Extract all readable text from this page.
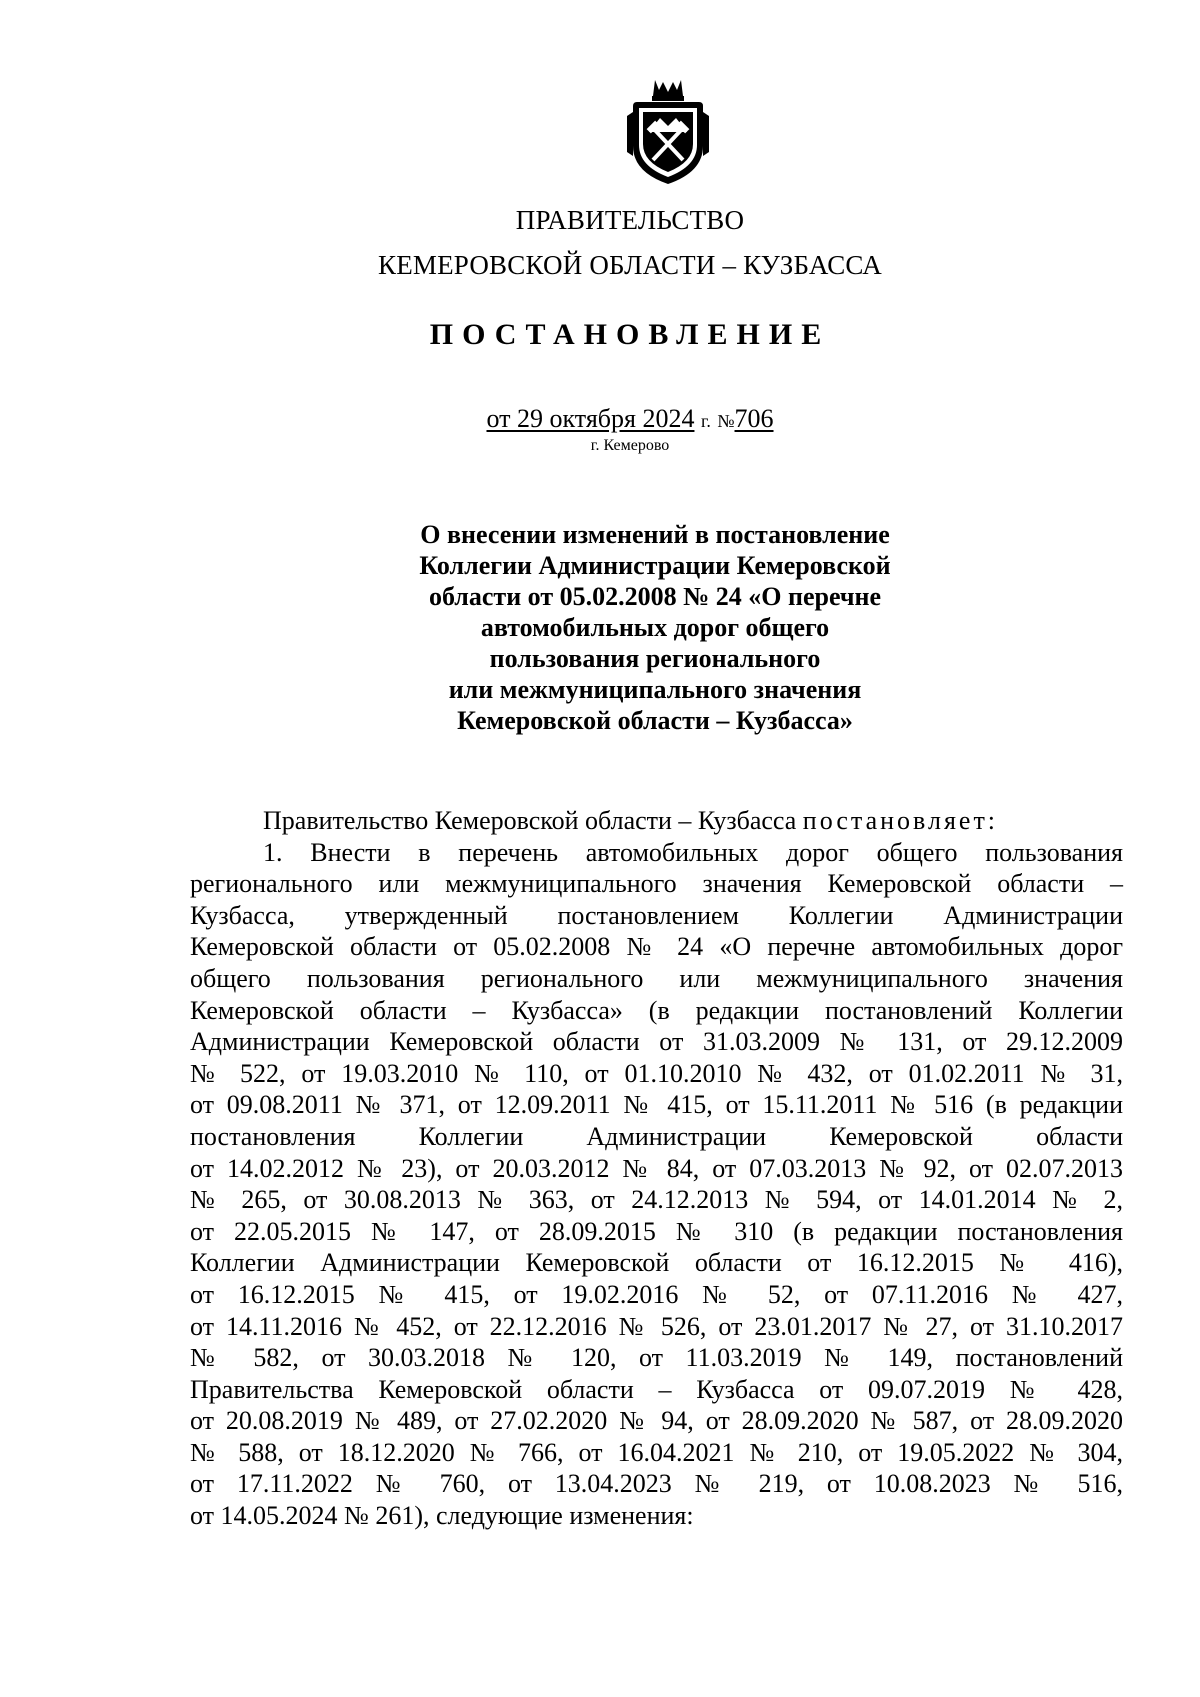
ПРАВИТЕЛЬСТВО
КЕМЕРОВСКОЙ ОБЛАСТИ – КУЗБАССА
ПОСТАНОВЛЕНИЕ
от 29 октября 2024 г. №706
г. Кемерово
О внесении изменений в постановление
Коллегии Администрации Кемеровской
области от 05.02.2008 № 24 «О перечне
автомобильных дорог общего
пользования регионального
или межмуниципального значения
Кемеровской области – Кузбасса»
Правительство Кемеровской области – Кузбасса постановляет:
1. Внести в перечень автомобильных дорог общего пользования
регионального или межмуниципального значения Кемеровской области –
Кузбасса, утвержденный постановлением Коллегии Администрации
Кемеровской области от 05.02.2008 № 24 «О перечне автомобильных дорог
общего пользования регионального или межмуниципального значения
Кемеровской области – Кузбасса» (в редакции постановлений Коллегии
Администрации Кемеровской области от 31.03.2009 № 131, от 29.12.2009
№ 522, от 19.03.2010 № 110, от 01.10.2010 № 432, от 01.02.2011 № 31,
от 09.08.2011 № 371, от 12.09.2011 № 415, от 15.11.2011 № 516 (в редакции
постановления Коллегии Администрации Кемеровской области
от 14.02.2012 № 23), от 20.03.2012 № 84, от 07.03.2013 № 92, от 02.07.2013
№ 265, от 30.08.2013 № 363, от 24.12.2013 № 594, от 14.01.2014 № 2,
от 22.05.2015 № 147, от 28.09.2015 № 310 (в редакции постановления
Коллегии Администрации Кемеровской области от 16.12.2015 № 416),
от 16.12.2015 № 415, от 19.02.2016 № 52, от 07.11.2016 № 427,
от 14.11.2016 № 452, от 22.12.2016 № 526, от 23.01.2017 № 27, от 31.10.2017
№ 582, от 30.03.2018 № 120, от 11.03.2019 № 149, постановлений
Правительства Кемеровской области – Кузбасса от 09.07.2019 № 428,
от 20.08.2019 № 489, от 27.02.2020 № 94, от 28.09.2020 № 587, от 28.09.2020
№ 588, от 18.12.2020 № 766, от 16.04.2021 № 210, от 19.05.2022 № 304,
от 17.11.2022 № 760, от 13.04.2023 № 219, от 10.08.2023 № 516,
от 14.05.2024 № 261), следующие изменения:
